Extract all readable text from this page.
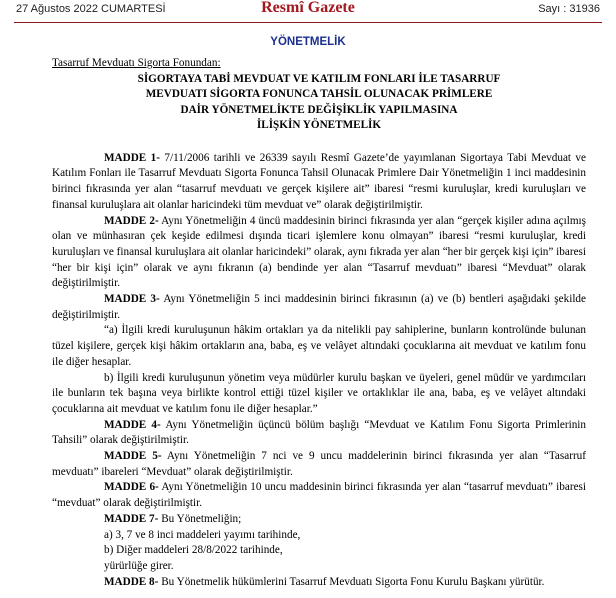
27 Ağustos 2022 CUMARTESİ	Resmî Gazete	Sayı : 31936
YÖNETMELİK
Tasarruf Mevduatı Sigorta Fonundan:
SİGORTAYA TABİ MEVDUAT VE KATILIM FONLARI İLE TASARRUF
MEVDUATI SİGORTA FONUNCA TAHSİL OLUNACAK PRİMLERE
DAİR YÖNETMELİKTE DEĞİŞİKLİK YAPILMASINA
İLİŞKİN YÖNETMELİK

MADDE 1- 7/11/2006 tarihli ve 26339 sayılı Resmî Gazete’de yayımlanan Sigortaya Tabi Mevduat ve Katılım Fonları ile Tasarruf Mevduatı Sigorta Fonunca Tahsil Olunacak Primlere Dair Yönetmeliğin 1 inci maddesinin birinci fıkrasında yer alan “tasarruf mevduatı ve gerçek kişilere ait” ibaresi “resmi kuruluşlar, kredi kuruluşları ve finansal kuruluşlara ait olanlar haricindeki tüm mevduat ve” olarak değiştirilmiştir.

MADDE 2- Aynı Yönetmeliğin 4 üncü maddesinin birinci fıkrasında yer alan “gerçek kişiler adına açılmış olan ve münhasıran çek keşide edilmesi dışında ticari işlemlere konu olmayan” ibaresi “resmi kuruluşlar, kredi kuruluşları ve finansal kuruluşlara ait olanlar haricindeki” olarak, aynı fıkrada yer alan “her bir gerçek kişi için” ibaresi “her bir kişi için” olarak ve aynı fıkranın (a) bendinde yer alan “Tasarruf mevduatı” ibaresi “Mevduat” olarak değiştirilmiştir.

MADDE 3- Aynı Yönetmeliğin 5 inci maddesinin birinci fıkrasının (a) ve (b) bentleri aşağıdaki şekilde değiştirilmiştir.

“a) İlgili kredi kuruluşunun hâkim ortakları ya da nitelikli pay sahiplerine, bunların kontrolünde bulunan tüzel kişilere, gerçek kişi hâkim ortakların ana, baba, eş ve velâyet altındaki çocuklarına ait mevduat ve katılım fonu ile diğer hesaplar.

b) İlgili kredi kuruluşunun yönetim veya müdürler kurulu başkan ve üyeleri, genel müdür ve yardımcıları ile bunların tek başına veya birlikte kontrol ettiği tüzel kişiler ve ortaklıklar ile ana, baba, eş ve velâyet altındaki çocuklarına ait mevduat ve katılım fonu ile diğer hesaplar.”

MADDE 4- Aynı Yönetmeliğin üçüncü bölüm başlığı “Mevduat ve Katılım Fonu Sigorta Primlerinin Tahsili” olarak değiştirilmiştir.

MADDE 5- Aynı Yönetmeliğin 7 nci ve 9 uncu maddelerinin birinci fıkrasında yer alan “Tasarruf mevduatı” ibareleri “Mevduat” olarak değiştirilmiştir.

MADDE 6- Aynı Yönetmeliğin 10 uncu maddesinin birinci fıkrasında yer alan “tasarruf mevduatı” ibaresi “mevduat” olarak değiştirilmiştir.

MADDE 7- Bu Yönetmeliğin;

a) 3, 7 ve 8 inci maddeleri yayımı tarihinde,

b) Diğer maddeleri 28/8/2022 tarihinde,

yürürlüğe girer.

MADDE 8- Bu Yönetmelik hükümlerini Tasarruf Mevduatı Sigorta Fonu Kurulu Başkanı yürütür.
